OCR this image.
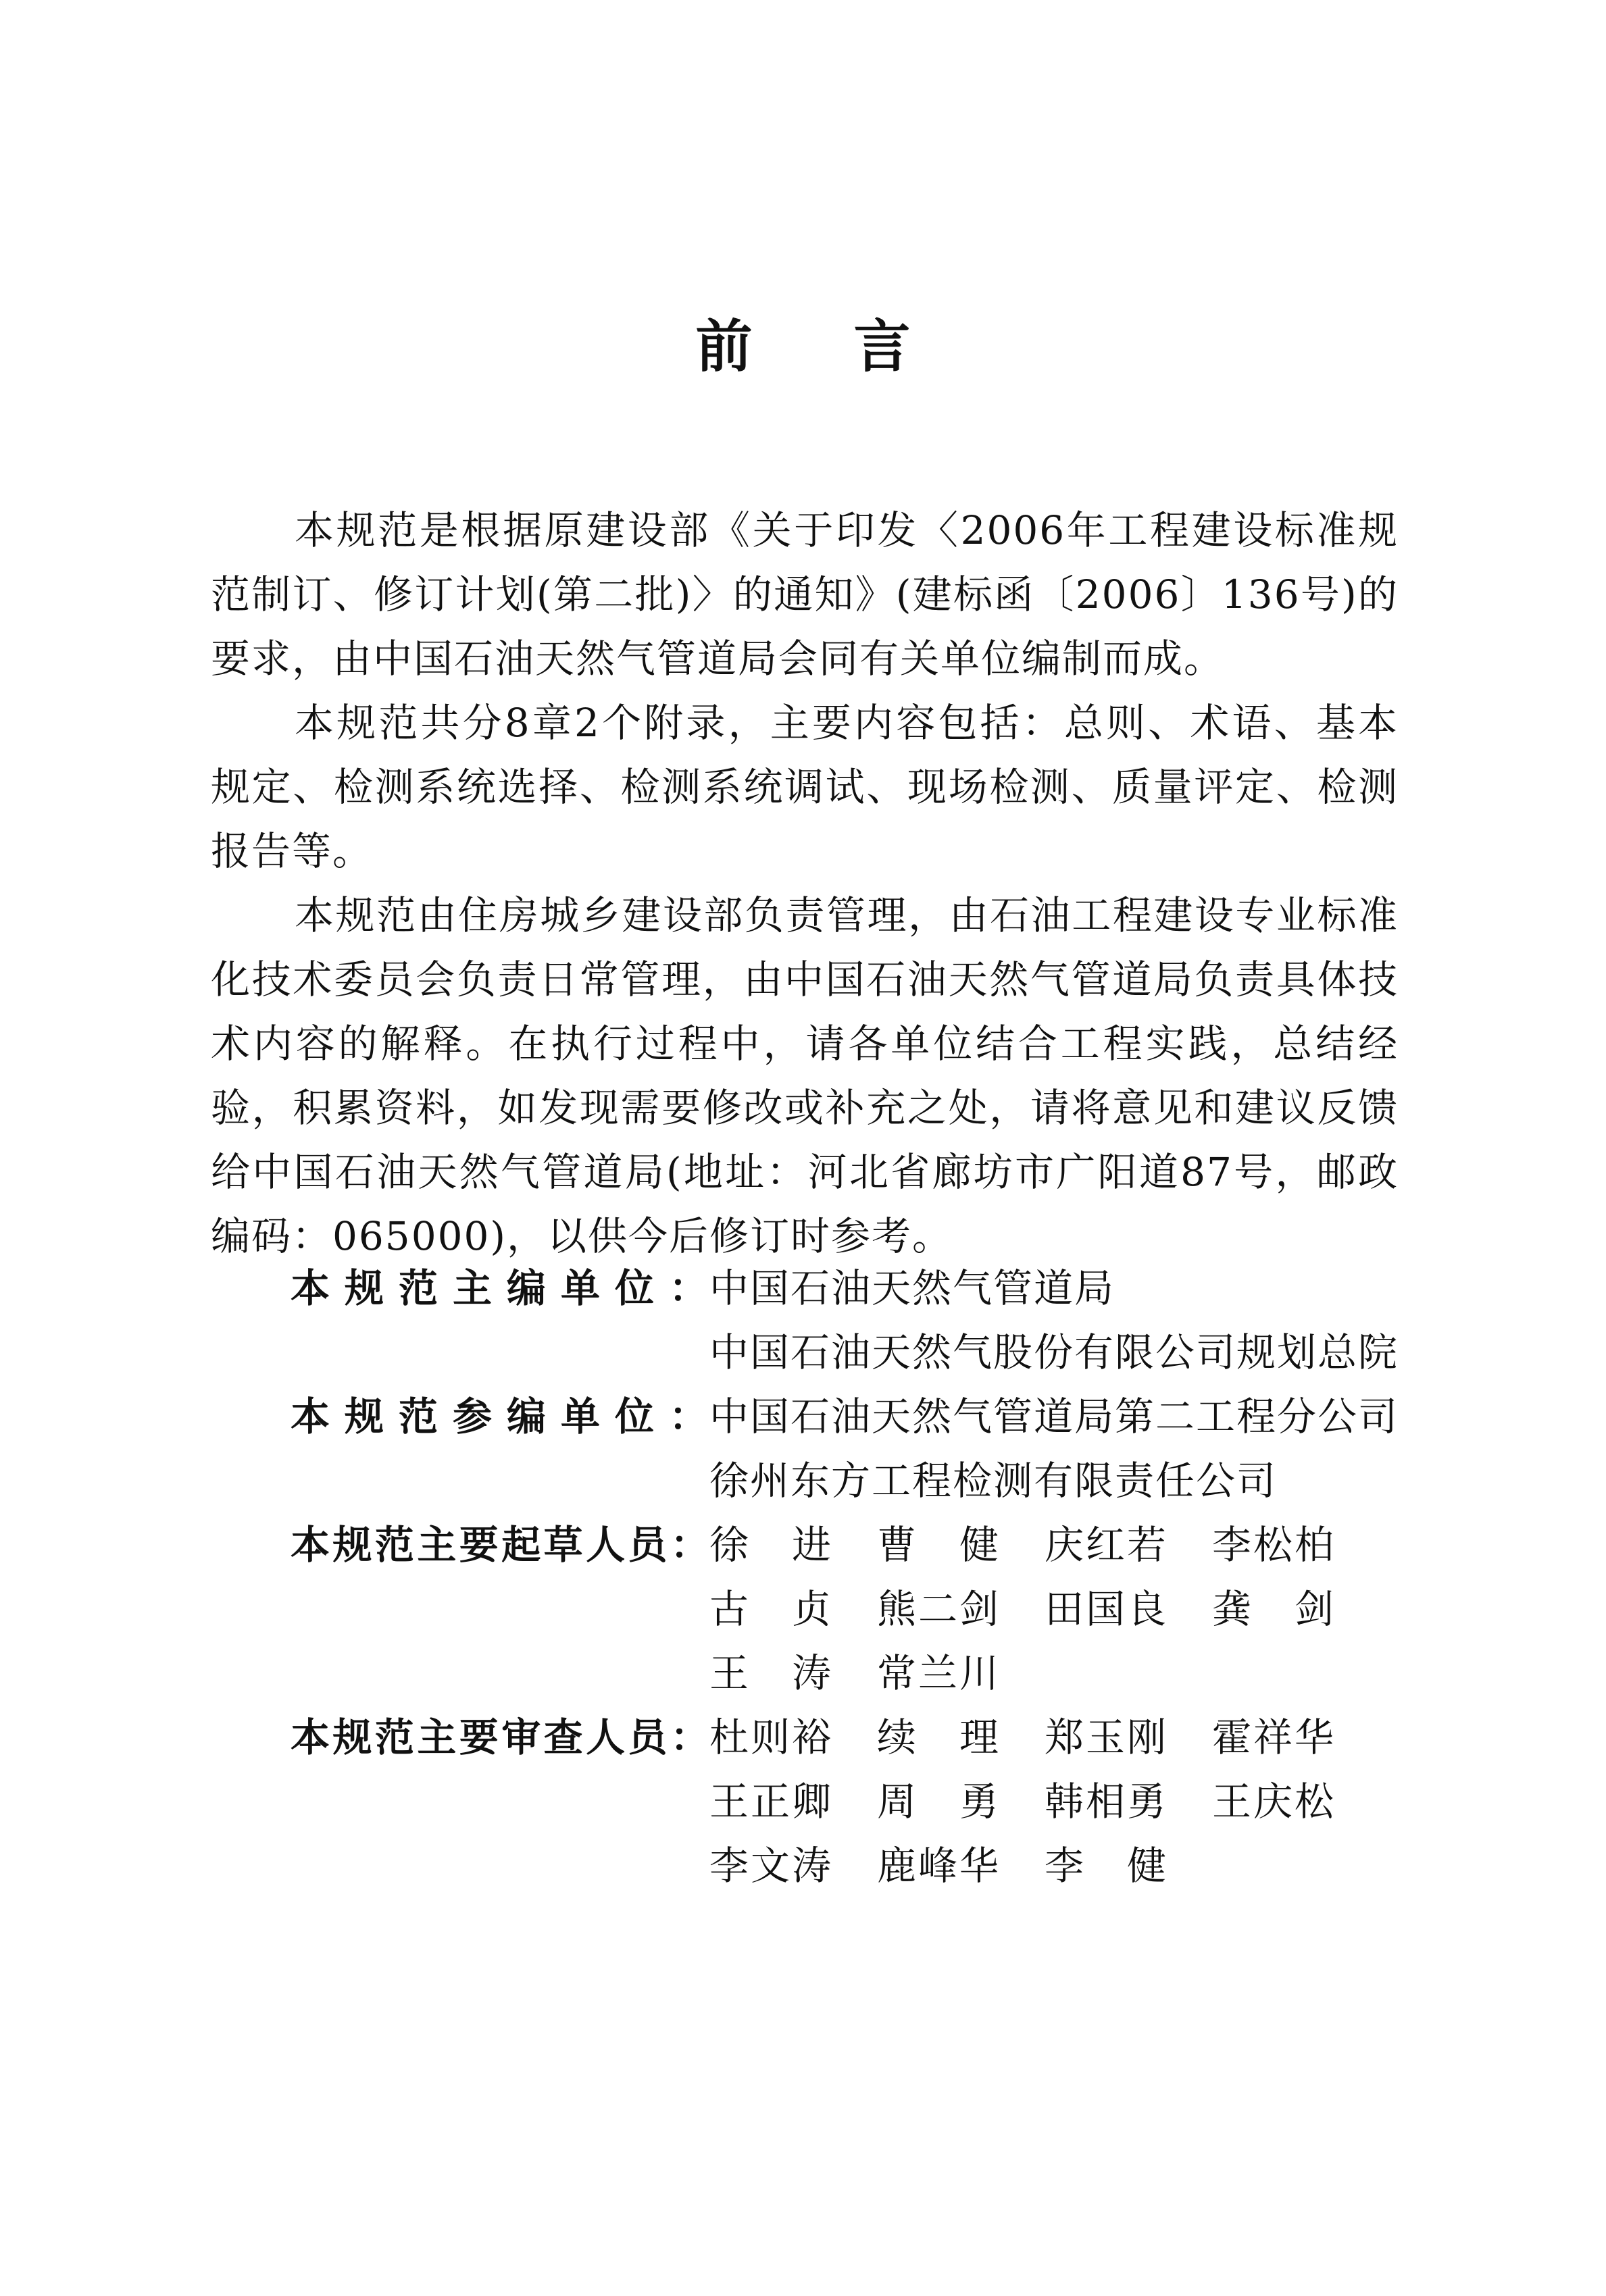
前 言

本规范是根据原建设部《关于印发〈2006年工程建设标准规范制订、修订计划(第二批)〉的通知》(建标函〔2006〕136号)的要求，由中国石油天然气管道局会同有关单位编制而成。

本规范共分8章2个附录，主要内容包括：总则、术语、基本规定、检测系统选择、检测系统调试、现场检测、质量评定、检测报告等。

本规范由住房城乡建设部负责管理，由石油工程建设专业标准化技术委员会负责日常管理，由中国石油天然气管道局负责具体技术内容的解释。在执行过程中，请各单位结合工程实践，总结经验，积累资料，如发现需要修改或补充之处，请将意见和建议反馈给中国石油天然气管道局(地址：河北省廊坊市广阳道87号，邮政编码：065000)，以供今后修订时参考。

本规范主编单位： 中国石油天然气管道局
中国石油天然气股份有限公司规划总院
本规范参编单位： 中国石油天然气管道局第二工程分公司
徐州东方工程检测有限责任公司
本规范主要起草人员： 徐　进 曹　健 庆红若 李松柏
古　贞 熊二剑 田国良 龚　剑
王　涛 常兰川
本规范主要审查人员： 杜则裕 续　理 郑玉刚 霍祥华
王正卿 周　勇 韩相勇 王庆松
李文涛 鹿峰华 李　健
